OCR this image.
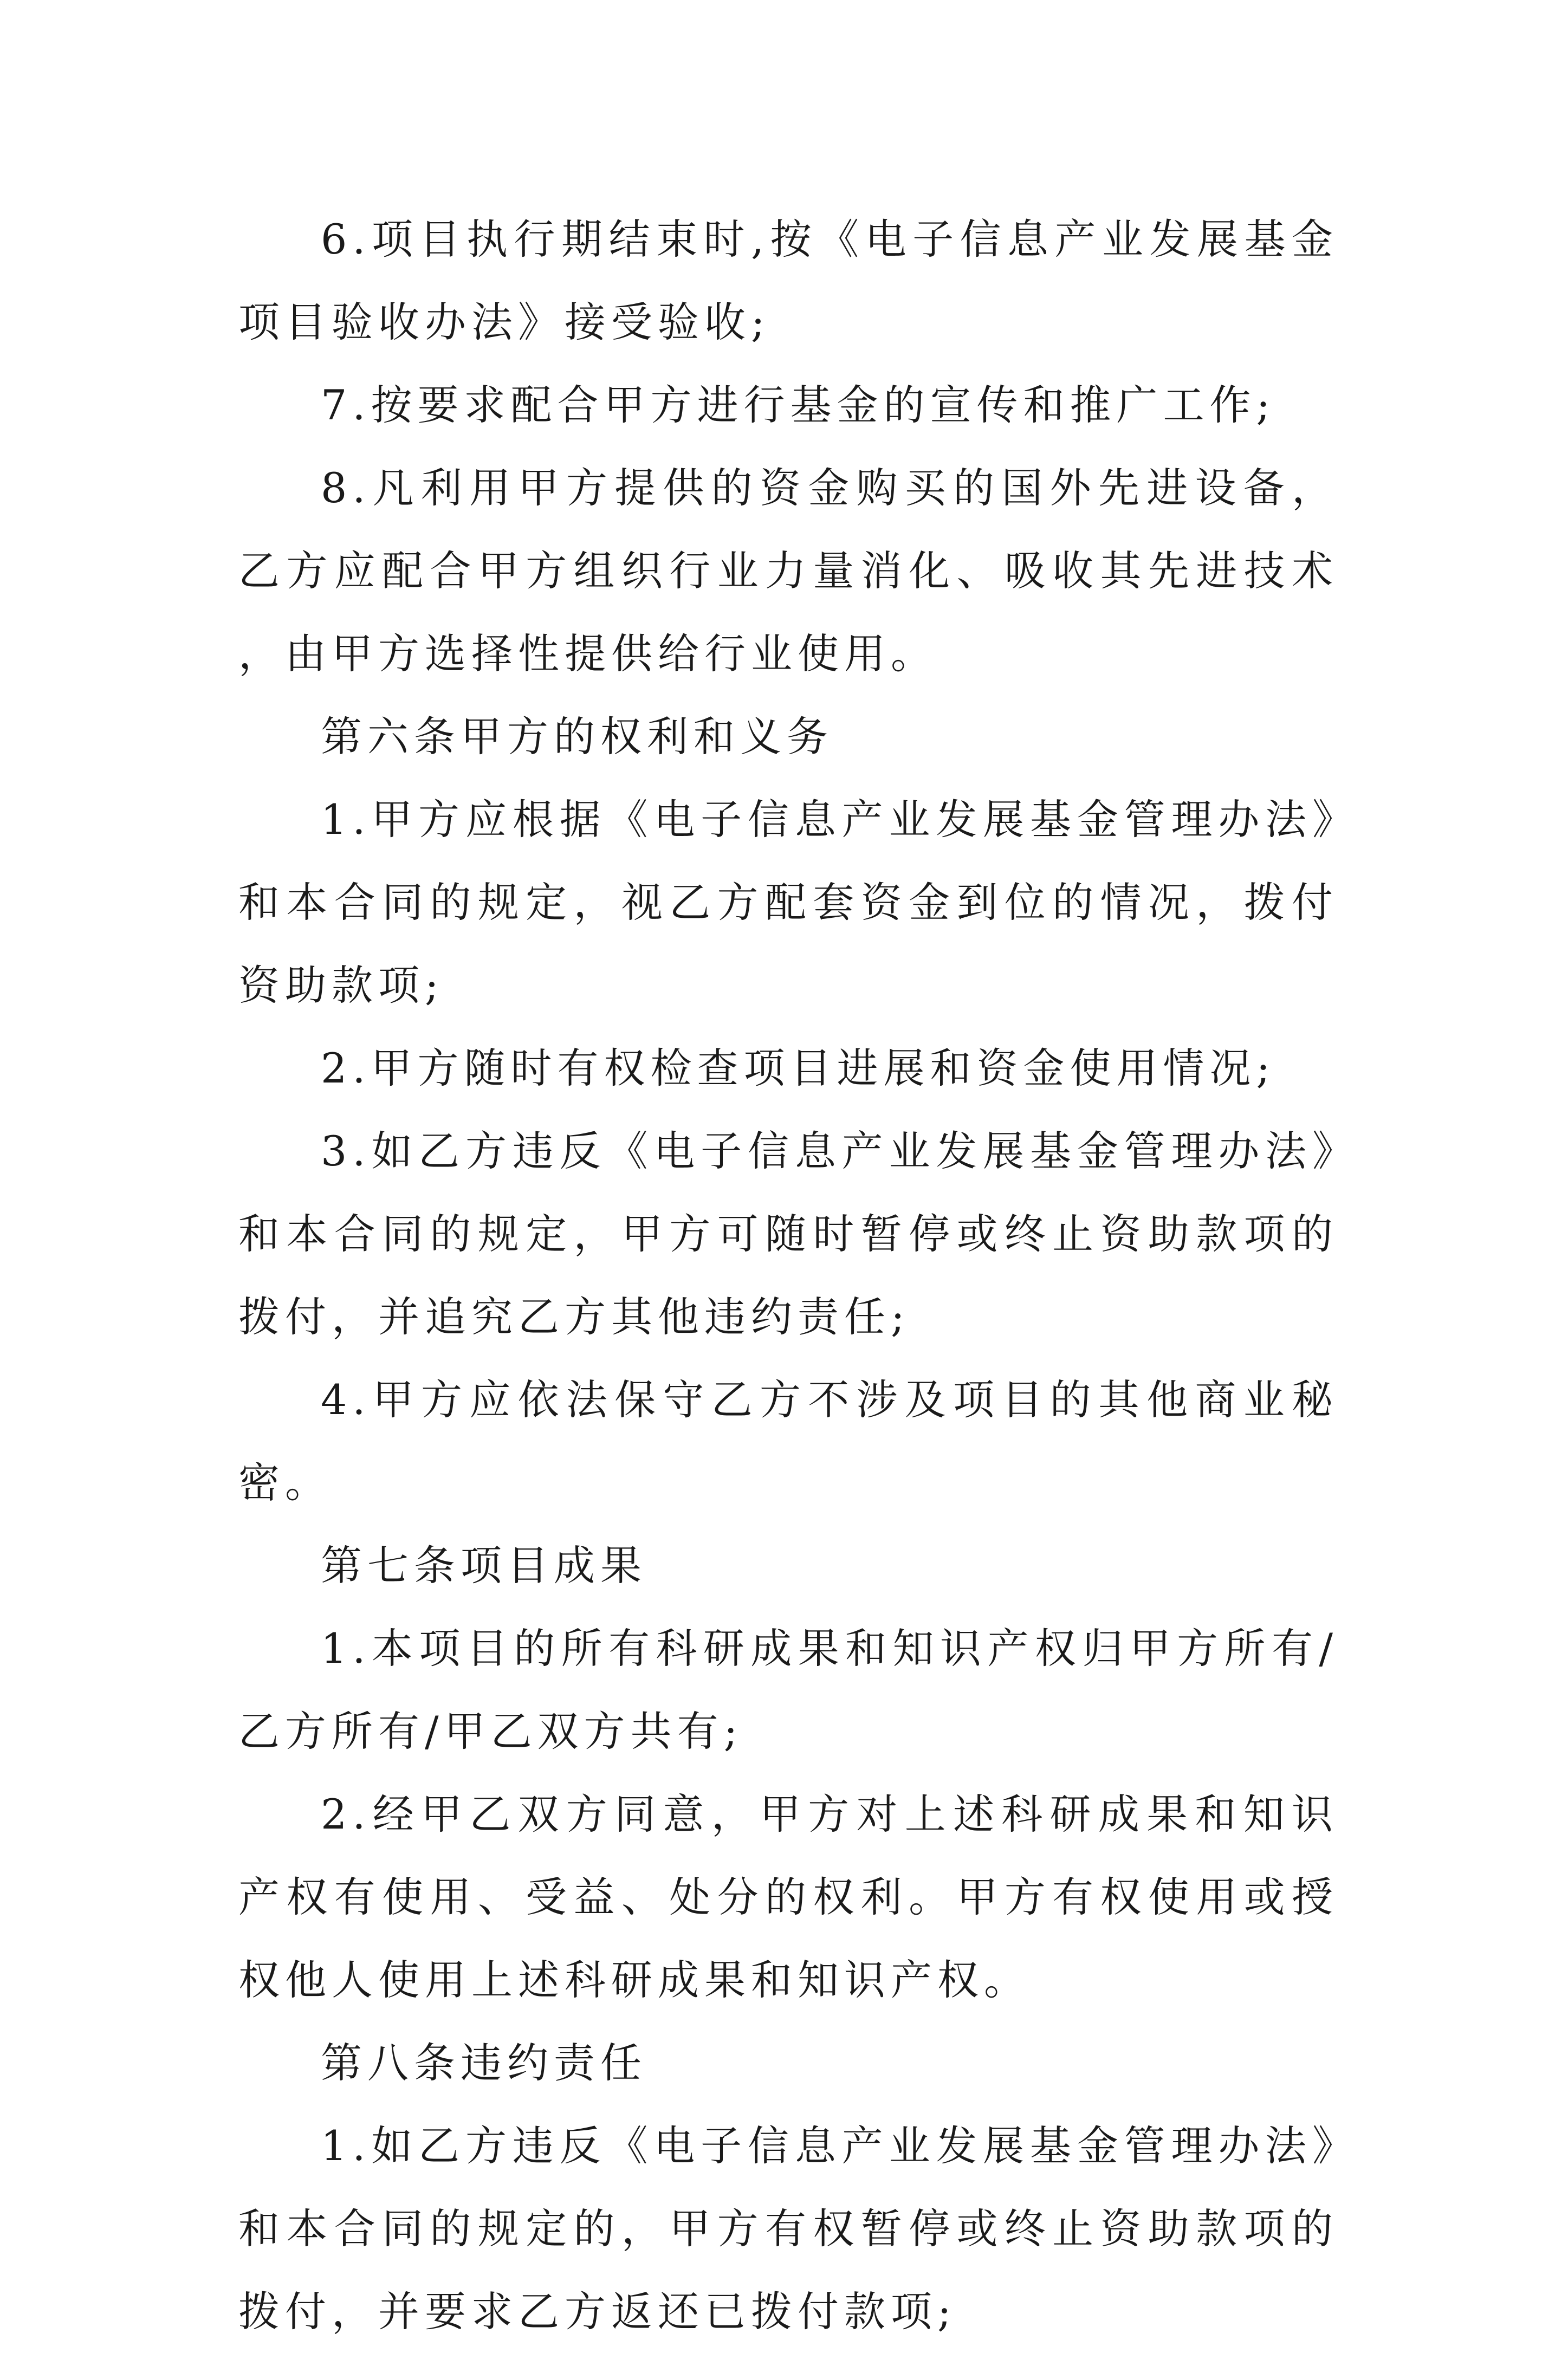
6.项目执行期结束时,按《电子信息产业发展基金项目验收办法》接受验收;

7.按要求配合甲方进行基金的宣传和推广工作;

8.凡利用甲方提供的资金购买的国外先进设备，乙方应配合甲方组织行业力量消化、吸收其先进技术，由甲方选择性提供给行业使用。

第六条甲方的权利和义务

1.甲方应根据《电子信息产业发展基金管理办法》和本合同的规定，视乙方配套资金到位的情况，拨付资助款项;

2.甲方随时有权检查项目进展和资金使用情况;

3.如乙方违反《电子信息产业发展基金管理办法》和本合同的规定，甲方可随时暂停或终止资助款项的拨付，并追究乙方其他违约责任;

4.甲方应依法保守乙方不涉及项目的其他商业秘密。

第七条项目成果

1.本项目的所有科研成果和知识产权归甲方所有/乙方所有/甲乙双方共有;

2.经甲乙双方同意，甲方对上述科研成果和知识产权有使用、受益、处分的权利。甲方有权使用或授权他人使用上述科研成果和知识产权。

第八条违约责任

1.如乙方违反《电子信息产业发展基金管理办法》和本合同的规定的，甲方有权暂停或终止资助款项的拨付，并要求乙方返还已拨付款项;
